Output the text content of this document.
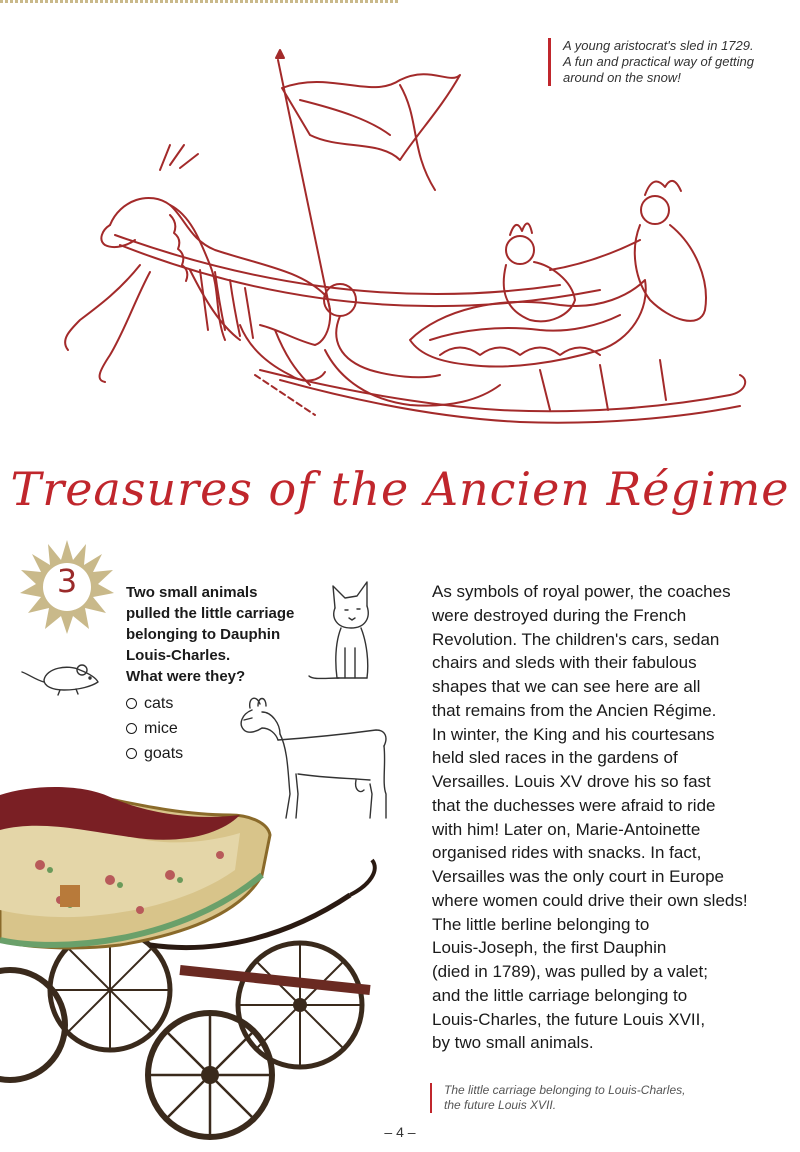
A young aristocrat's sled in 1729.
A fun and practical way of getting
around on the snow!
Treasures of the Ancien Régime
3	Two small animals
pulled the little carriage
belonging to Dauphin
Louis-Charles.
What were they?
cats
mice
goats
As symbols of royal power, the coaches
were destroyed during the French
Revolution. The children's cars, sedan
chairs and sleds with their fabulous
shapes that we can see here are all
that remains from the Ancien Régime.
In winter, the King and his courtesans
held sled races in the gardens of
Versailles. Louis XV drove his so fast
that the duchesses were afraid to ride
with him! Later on, Marie-Antoinette
organised rides with snacks. In fact,
Versailles was the only court in Europe
where women could drive their own sleds!
The little berline belonging to
Louis-Joseph, the first Dauphin
(died in 1789), was pulled by a valet;
and the little carriage belonging to
Louis-Charles, the future Louis XVII,
by two small animals.
The little carriage belonging to Louis-Charles,
the future Louis XVII.
– 4 –
